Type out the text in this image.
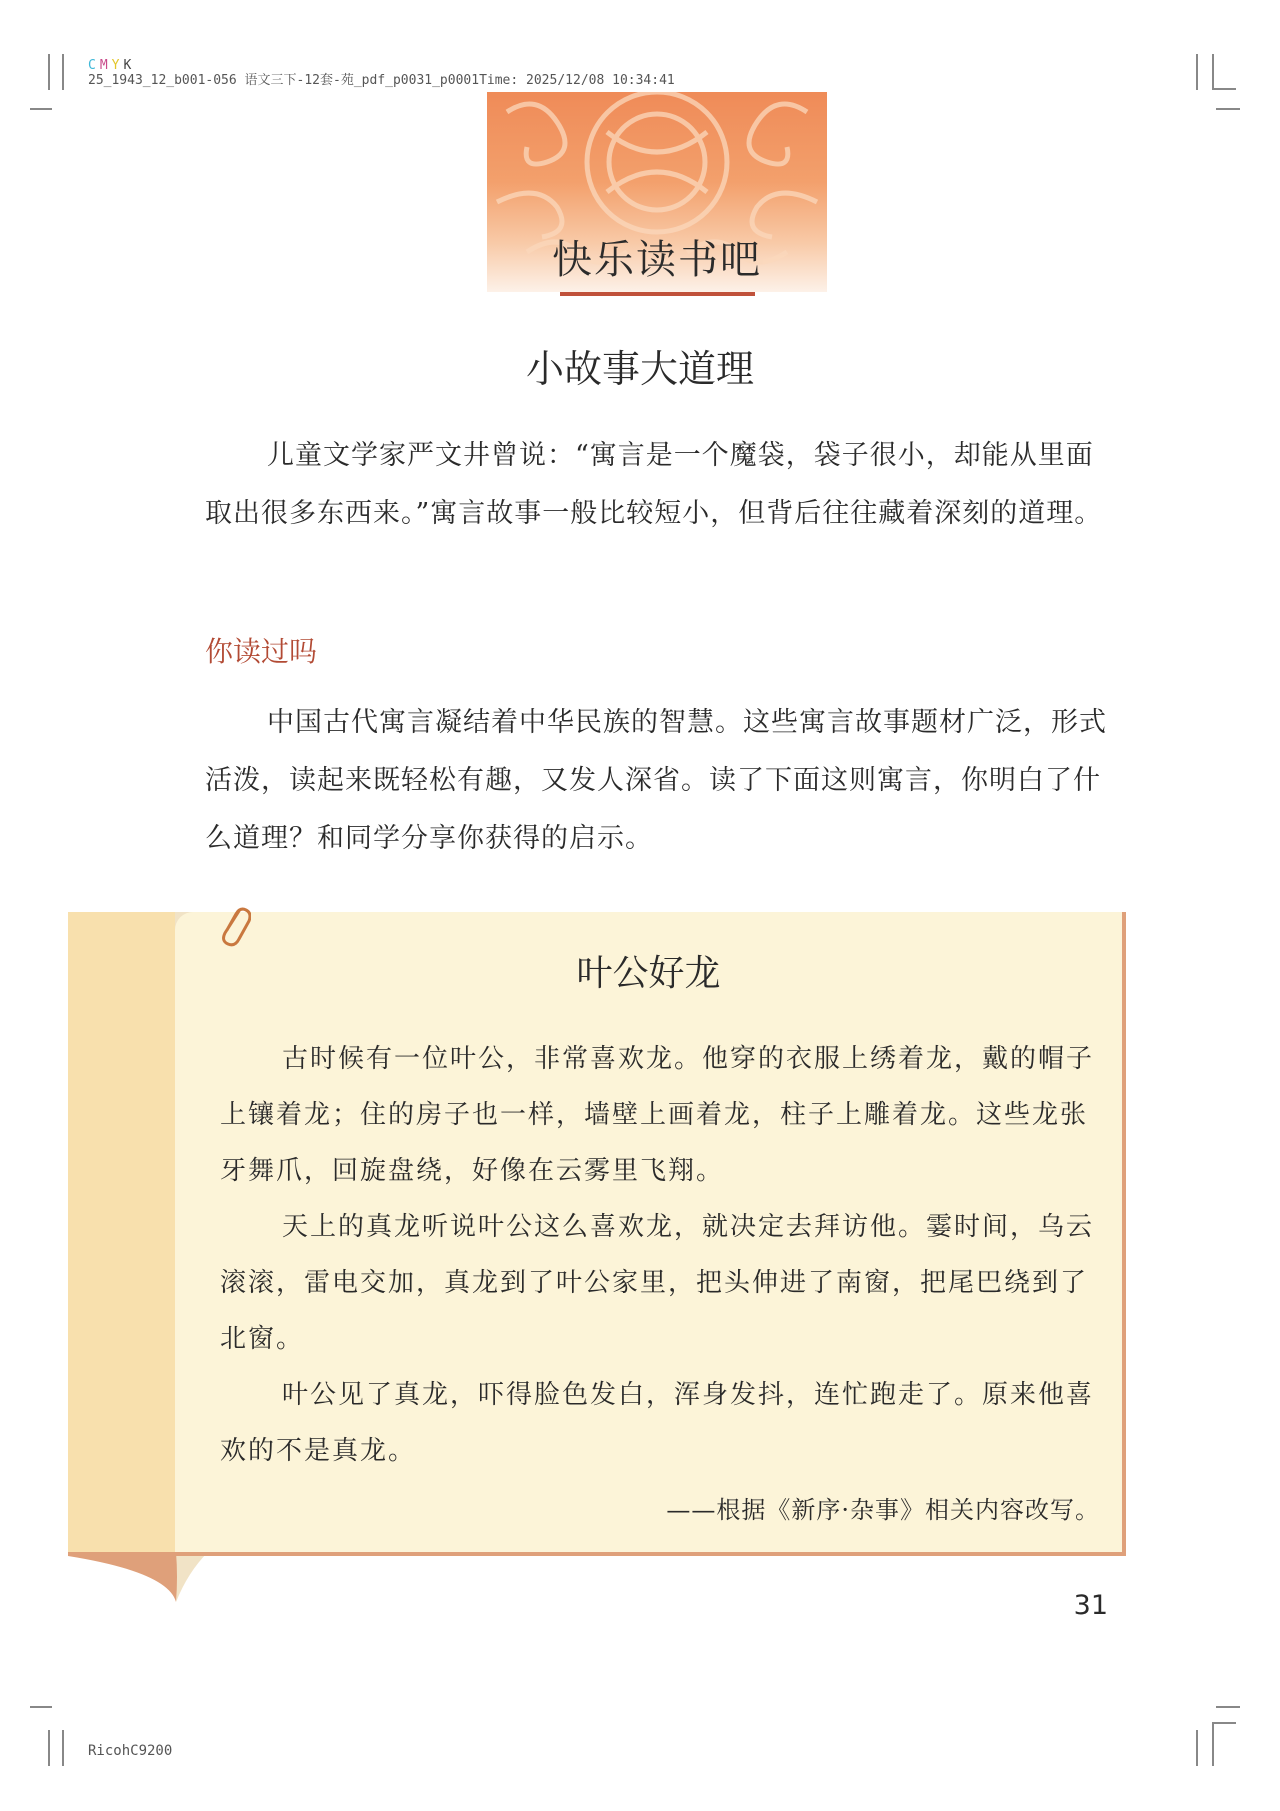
C M Y K
25_1943_12_b001-056 语文三下-12套-苑_pdf_p0031_p0001Time: 2025/12/08 10:34:41
快乐读书吧
小故事大道理
儿童文学家严文井曾说：“寓言是一个魔袋，袋子很小，却能从里面取出很多东西来。”寓言故事一般比较短小，但背后往往藏着深刻的道理。
你读过吗
中国古代寓言凝结着中华民族的智慧。这些寓言故事题材广泛，形式活泼，读起来既轻松有趣，又发人深省。读了下面这则寓言，你明白了什么道理？和同学分享你获得的启示。
叶公好龙
古时候有一位叶公，非常喜欢龙。他穿的衣服上绣着龙，戴的帽子上镶着龙；住的房子也一样，墙壁上画着龙，柱子上雕着龙。这些龙张牙舞爪，回旋盘绕，好像在云雾里飞翔。
天上的真龙听说叶公这么喜欢龙，就决定去拜访他。霎时间，乌云滚滚，雷电交加，真龙到了叶公家里，把头伸进了南窗，把尾巴绕到了北窗。
叶公见了真龙，吓得脸色发白，浑身发抖，连忙跑走了。原来他喜欢的不是真龙。
——根据《新序·杂事》相关内容改写。
31
RicohC9200
